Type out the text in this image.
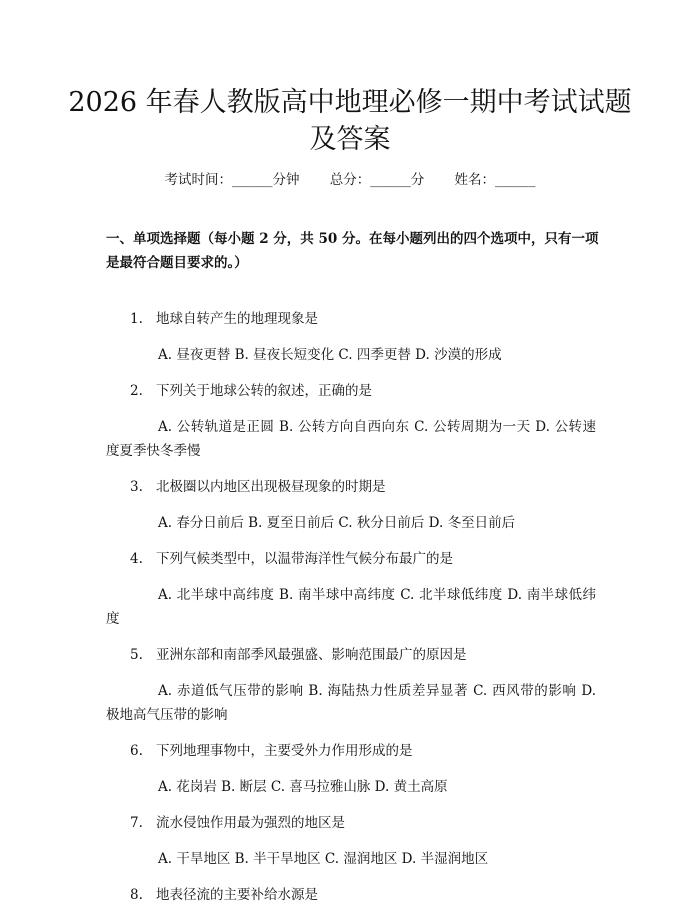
2026 年春人教版高中地理必修一期中考试试题及答案
考试时间：______分钟 总分：______分 姓名：______
一、单项选择题（每小题 2 分，共 50 分。在每小题列出的四个选项中，只有一项是最符合题目要求的。）
1. 地球自转产生的地理现象是
A. 昼夜更替 B. 昼夜长短变化 C. 四季更替 D. 沙漠的形成
2. 下列关于地球公转的叙述，正确的是
A. 公转轨道是正圆 B. 公转方向自西向东 C. 公转周期为一天 D. 公转速度夏季快冬季慢
3. 北极圈以内地区出现极昼现象的时期是
A. 春分日前后 B. 夏至日前后 C. 秋分日前后 D. 冬至日前后
4. 下列气候类型中，以温带海洋性气候分布最广的是
A. 北半球中高纬度 B. 南半球中高纬度 C. 北半球低纬度 D. 南半球低纬度
5. 亚洲东部和南部季风最强盛、影响范围最广的原因是
A. 赤道低气压带的影响 B. 海陆热力性质差异显著 C. 西风带的影响 D. 极地高气压带的影响
6. 下列地理事物中，主要受外力作用形成的是
A. 花岗岩 B. 断层 C. 喜马拉雅山脉 D. 黄土高原
7. 流水侵蚀作用最为强烈的地区是
A. 干旱地区 B. 半干旱地区 C. 湿润地区 D. 半湿润地区
8. 地表径流的主要补给水源是
